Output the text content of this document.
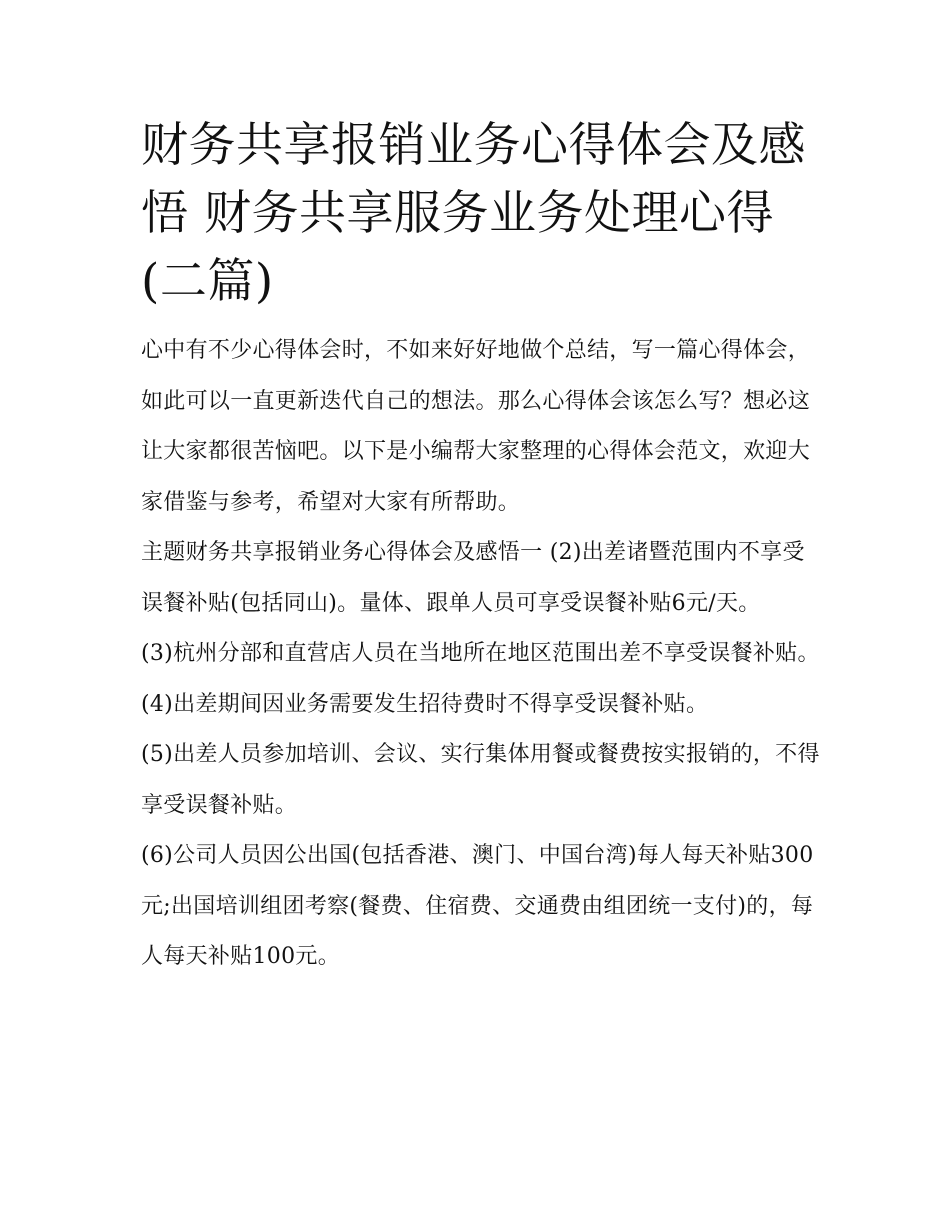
财务共享报销业务心得体会及感悟 财务共享服务业务处理心得(二篇)

心中有不少心得体会时，不如来好好地做个总结，写一篇心得体会，如此可以一直更新迭代自己的想法。那么心得体会该怎么写？想必这让大家都很苦恼吧。以下是小编帮大家整理的心得体会范文，欢迎大家借鉴与参考，希望对大家有所帮助。

主题财务共享报销业务心得体会及感悟一 (2)出差诸暨范围内不享受误餐补贴(包括同山)。量体、跟单人员可享受误餐补贴6元/天。

(3)杭州分部和直营店人员在当地所在地区范围出差不享受误餐补贴。 (4)出差期间因业务需要发生招待费时不得享受误餐补贴。

(5)出差人员参加培训、会议、实行集体用餐或餐费按实报销的，不得享受误餐补贴。

(6)公司人员因公出国(包括香港、澳门、中国台湾)每人每天补贴300元;出国培训组团考察(餐费、住宿费、交通费由组团统一支付)的，每人每天补贴100元。
